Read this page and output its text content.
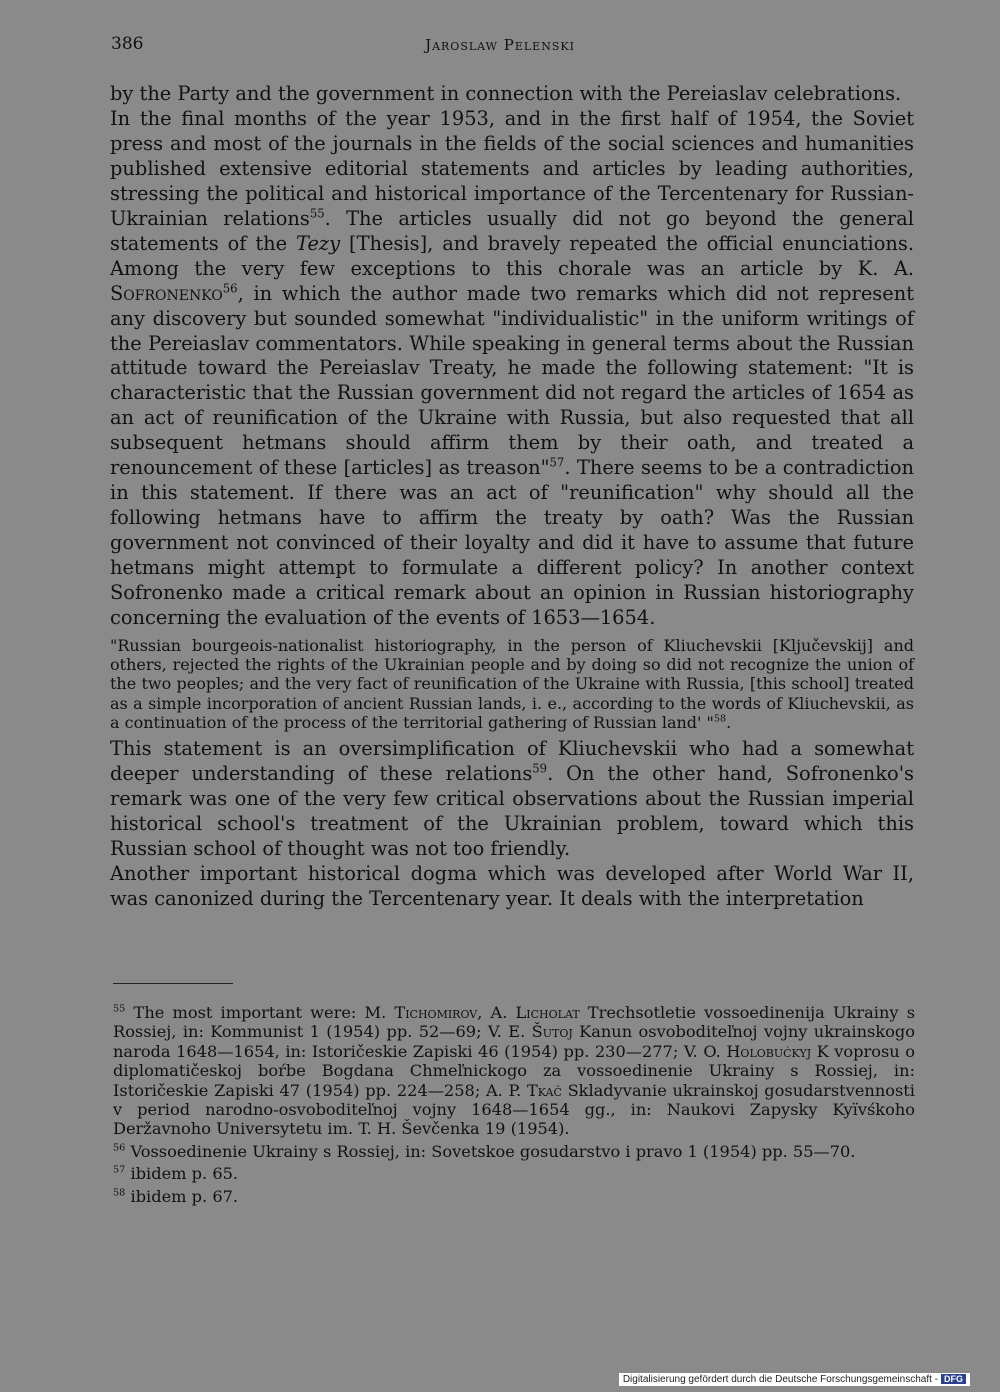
386	Jaroslaw Pelenski

by the Party and the government in connection with the Pereiaslav celebrations.

In the final months of the year 1953, and in the first half of 1954, the Soviet press and most of the journals in the fields of the social sciences and humanities published extensive editorial statements and articles by leading authorities, stressing the political and historical importance of the Tercentenary for Russian-Ukrainian relations$^{55}$. The articles usually did not go beyond the general statements of the Tezy [Thesis], and bravely repeated the official enunciations. Among the very few exceptions to this chorale was an article by K. A. Sofronenko$^{56}$, in which the author made two remarks which did not represent any discovery but sounded somewhat "individualistic" in the uniform writings of the Pereiaslav commentators. While speaking in general terms about the Russian attitude toward the Pereiaslav Treaty, he made the following statement: "It is characteristic that the Russian government did not regard the articles of 1654 as an act of reunification of the Ukraine with Russia, but also requested that all subsequent hetmans should affirm them by their oath, and treated a renouncement of these [articles] as treason"$^{57}$. There seems to be a contradiction in this statement. If there was an act of "reunification" why should all the following hetmans have to affirm the treaty by oath? Was the Russian government not convinced of their loyalty and did it have to assume that future hetmans might attempt to formulate a different policy? In another context Sofronenko made a critical remark about an opinion in Russian historiography concerning the evaluation of the events of 1653—1654.

"Russian bourgeois-nationalist historiography, in the person of Kliuchevskii [Ključevskij] and others, rejected the rights of the Ukrainian people and by doing so did not recognize the union of the two peoples; and the very fact of reunification of the Ukraine with Russia, [this school] treated as a simple incorporation of ancient Russian lands, i. e., according to the words of Kliuchevskii, as a continuation of the process of the territorial gathering of Russian land' "$^{58}$.

This statement is an oversimplification of Kliuchevskii who had a somewhat deeper understanding of these relations$^{59}$. On the other hand, Sofronenko's remark was one of the very few critical observations about the Russian imperial historical school's treatment of the Ukrainian problem, toward which this Russian school of thought was not too friendly.

Another important historical dogma which was developed after World War II, was canonized during the Tercentenary year. It deals with the interpretation

$^{55}$ The most important were: M. Tichomirov, A. Licholat Trechsotletie vossoedinenija Ukrainy s Rossiej, in: Kommunist 1 (1954) pp. 52—69; V. E. Šutoj Kanun osvoboditeľnoj vojny ukrainskogo naroda 1648—1654, in: Istoričeskie Zapiski 46 (1954) pp. 230—277; V. O. Holobućkyj K voprosu o diplomatičeskoj boŕbe Bogdana Chmeľnickogo za vossoedinenie Ukrainy s Rossiej, in: Istoričeskie Zapiski 47 (1954) pp. 224—258; A. P. Tkač Skladyvanie ukrainskoj gosudarstvennosti v period narodno-osvoboditeľnoj vojny 1648—1654 gg., in: Naukovi Zapysky Kyïvśkoho Deržavnoho Universytetu im. T. H. Ševčenka 19 (1954).

$^{56}$ Vossoedinenie Ukrainy s Rossiej, in: Sovetskoe gosudarstvo i pravo 1 (1954) pp. 55—70.

$^{57}$ ibidem p. 65.

$^{58}$ ibidem p. 67.

Digitalisierung gefördert durch die Deutsche Forschungsgemeinschaft - DFG
